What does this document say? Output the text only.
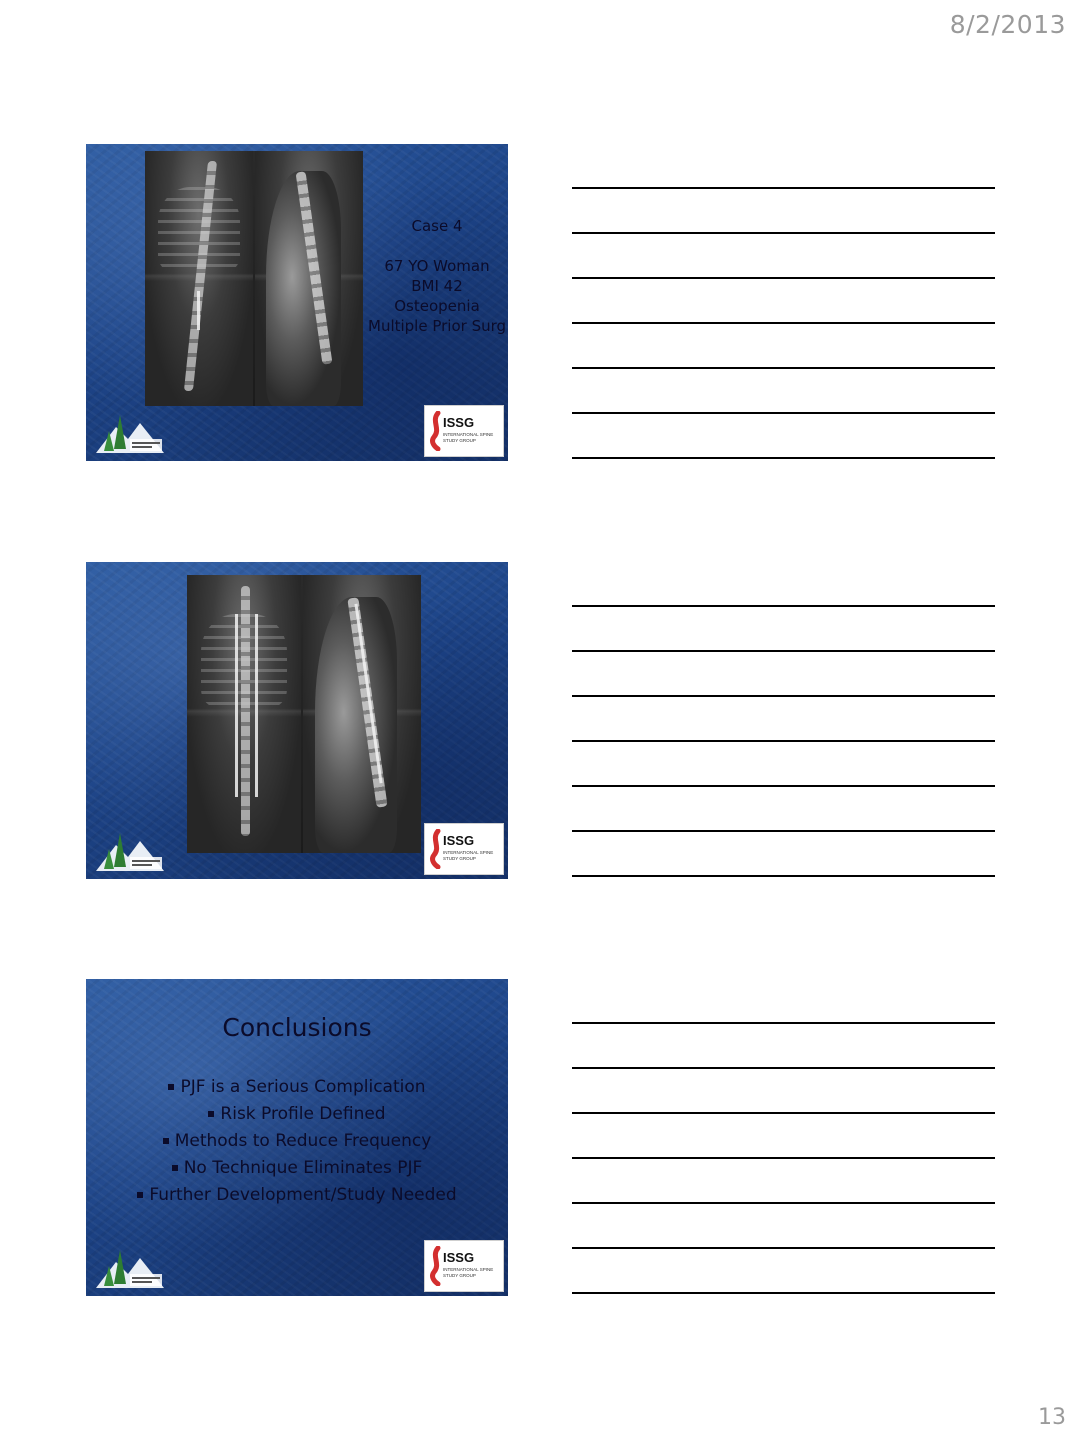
8/2/2013
Case 4
67 YO Woman
BMI 42
Osteopenia
Multiple Prior Surg
ISSG
INTERNATIONAL SPINE STUDY GROUP
ISSG
INTERNATIONAL SPINE STUDY GROUP
Conclusions
PJF is a Serious Complication
Risk Profile Defined
Methods to Reduce Frequency
No Technique Eliminates PJF
Further Development/Study Needed
ISSG
INTERNATIONAL SPINE STUDY GROUP
13
